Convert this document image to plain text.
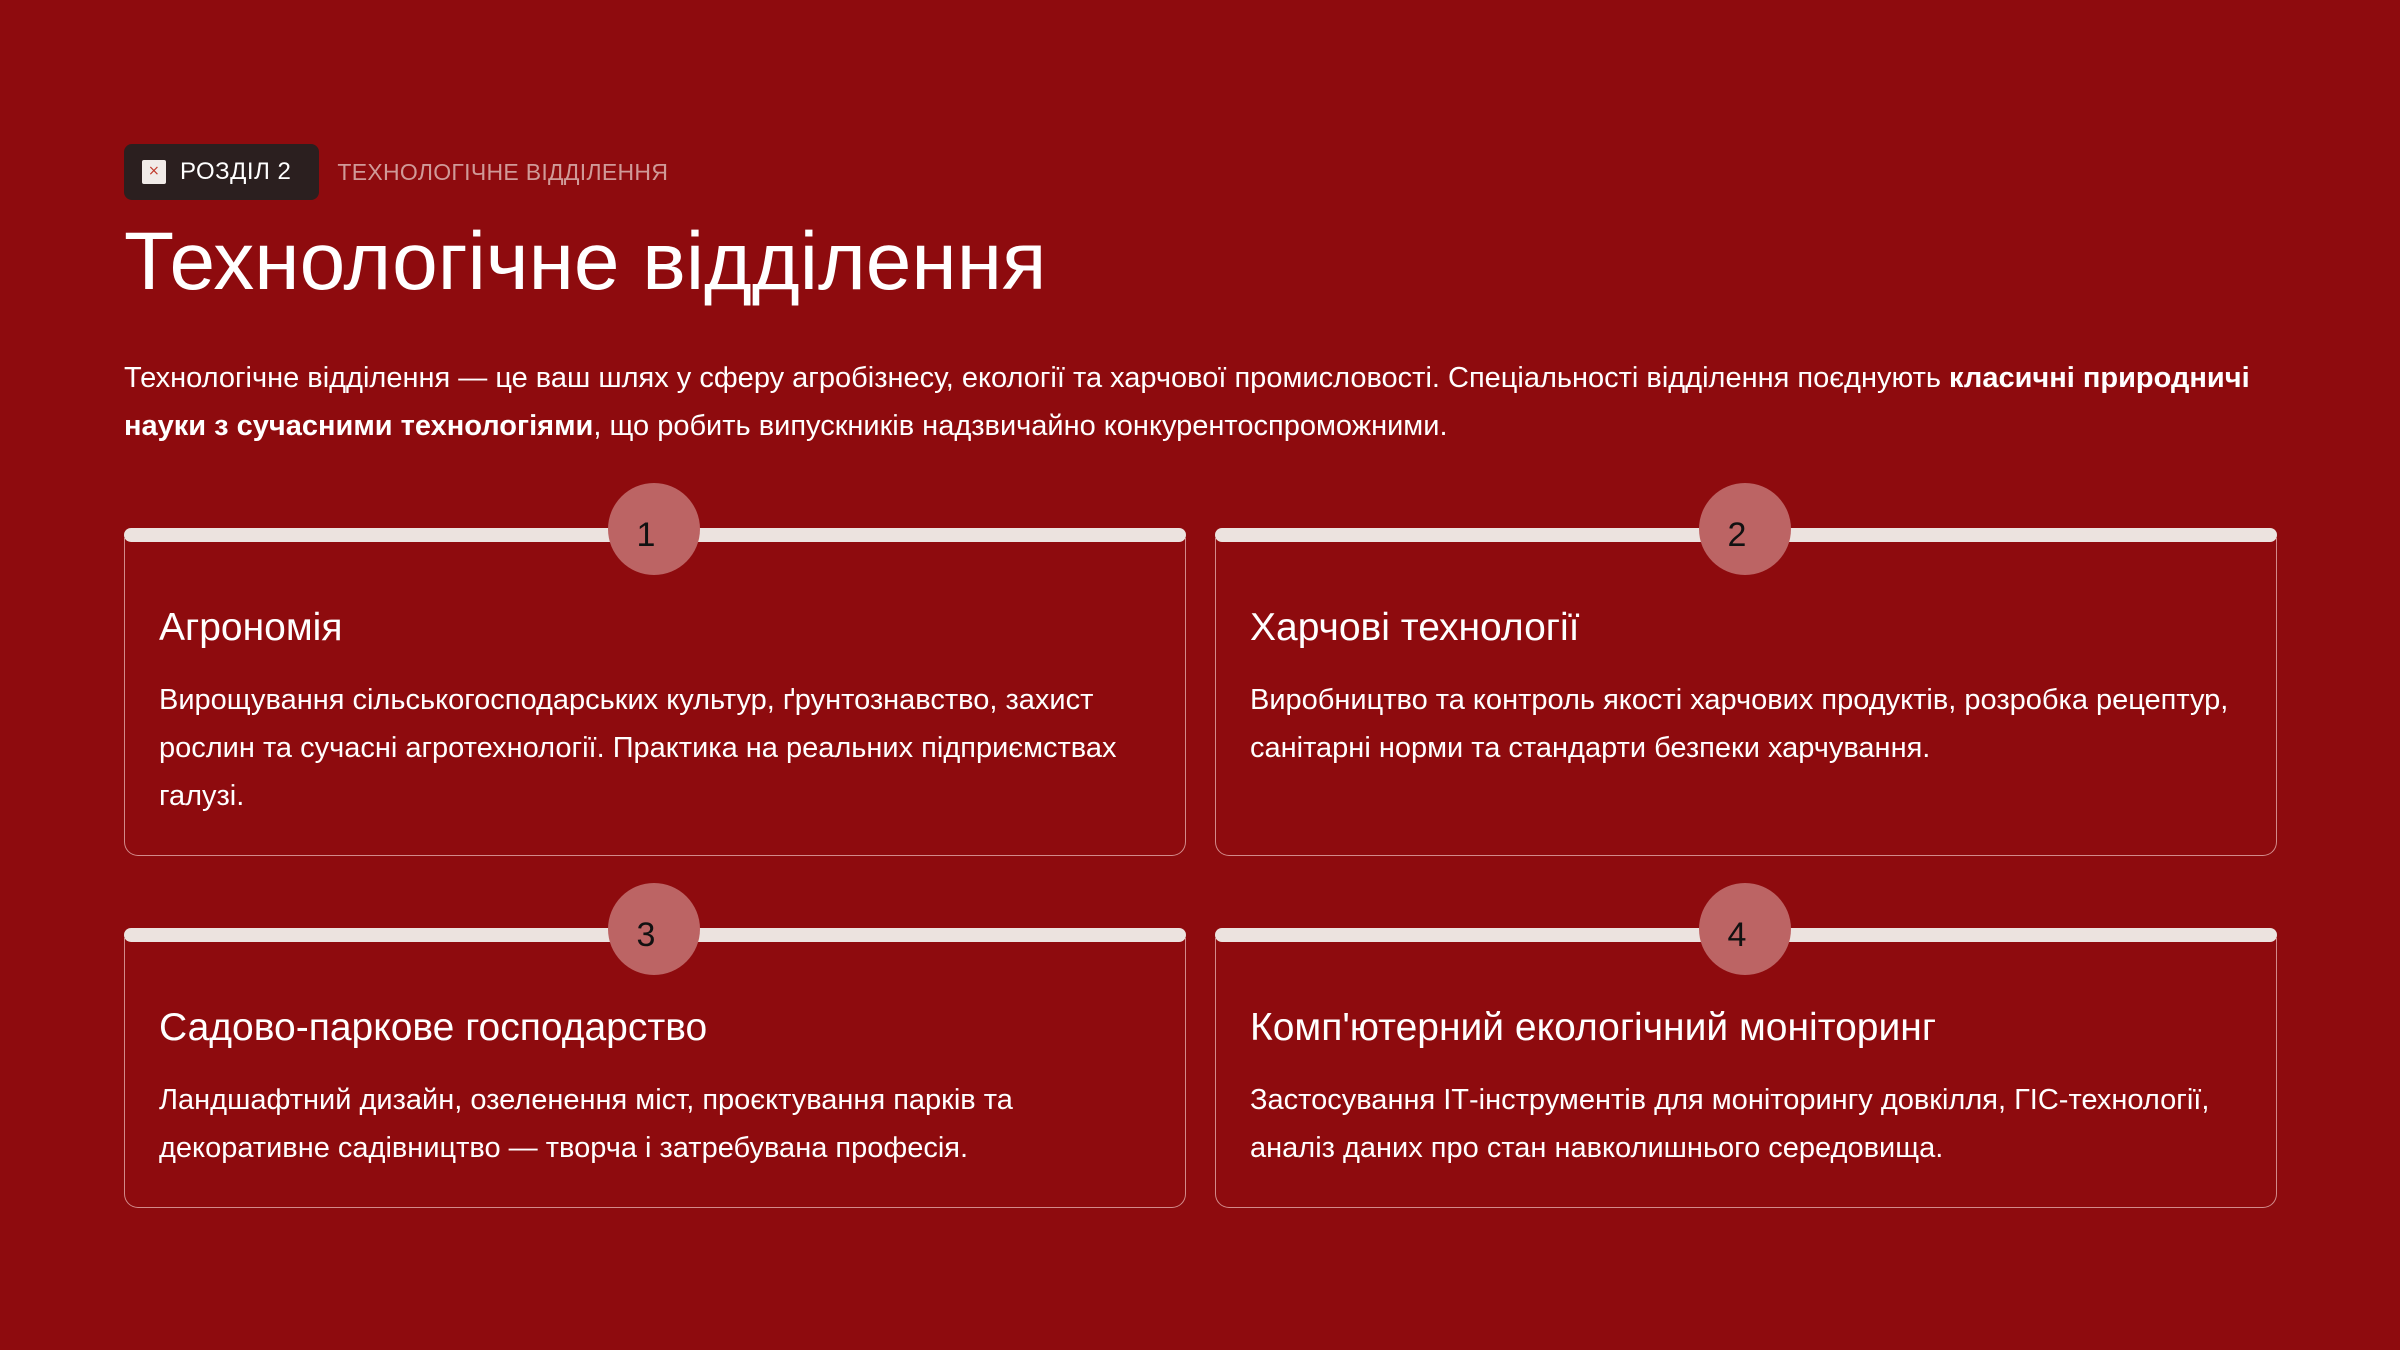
×
РОЗДІЛ 2 ТЕХНОЛОГІЧНЕ ВІДДІЛЕННЯ
Технологічне відділення

Технологічне відділення — це ваш шлях у сферу агробізнесу, екології та харчової промисловості. Спеціальності відділення поєднують класичні природничі науки з сучасними технологіями, що робить випускників надзвичайно конкурентоспроможними.

1
Агрономія

Вирощування сільськогосподарських культур, ґрунтознавство, захист рослин та сучасні агротехнології. Практика на реальних підприємствах галузі.

2
Харчові технології

Виробництво та контроль якості харчових продуктів, розробка рецептур, санітарні норми та стандарти безпеки харчування.

3
Садово-паркове господарство

Ландшафтний дизайн, озеленення міст, проєктування парків та декоративне садівництво — творча і затребувана професія.

4
Комп'ютерний екологічний моніторинг

Застосування ІТ-інструментів для моніторингу довкілля, ГІС-технології, аналіз даних про стан навколишнього середовища.
